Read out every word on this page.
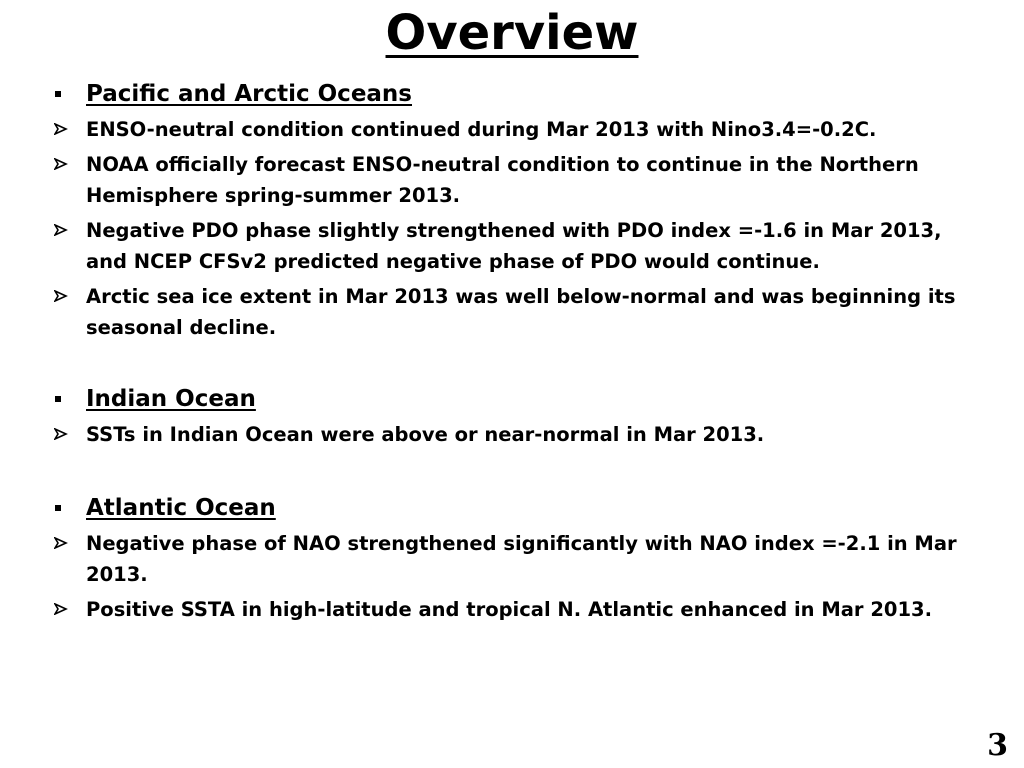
Overview
Pacific and Arctic Oceans
ENSO-neutral condition continued during Mar 2013 with Nino3.4=-0.2C.
NOAA officially forecast ENSO-neutral condition to continue in the Northern Hemisphere spring-summer 2013.
Negative PDO phase slightly strengthened with PDO index =-1.6 in Mar 2013, and NCEP CFSv2 predicted negative phase of PDO would continue.
Arctic sea ice extent in Mar 2013 was well below-normal and was beginning its seasonal decline.
Indian Ocean
SSTs in Indian Ocean were above or near-normal in Mar 2013.
Atlantic Ocean
Negative phase of NAO strengthened significantly with NAO index =-2.1 in Mar 2013.
Positive SSTA in high-latitude and tropical N. Atlantic enhanced in Mar 2013.
3
